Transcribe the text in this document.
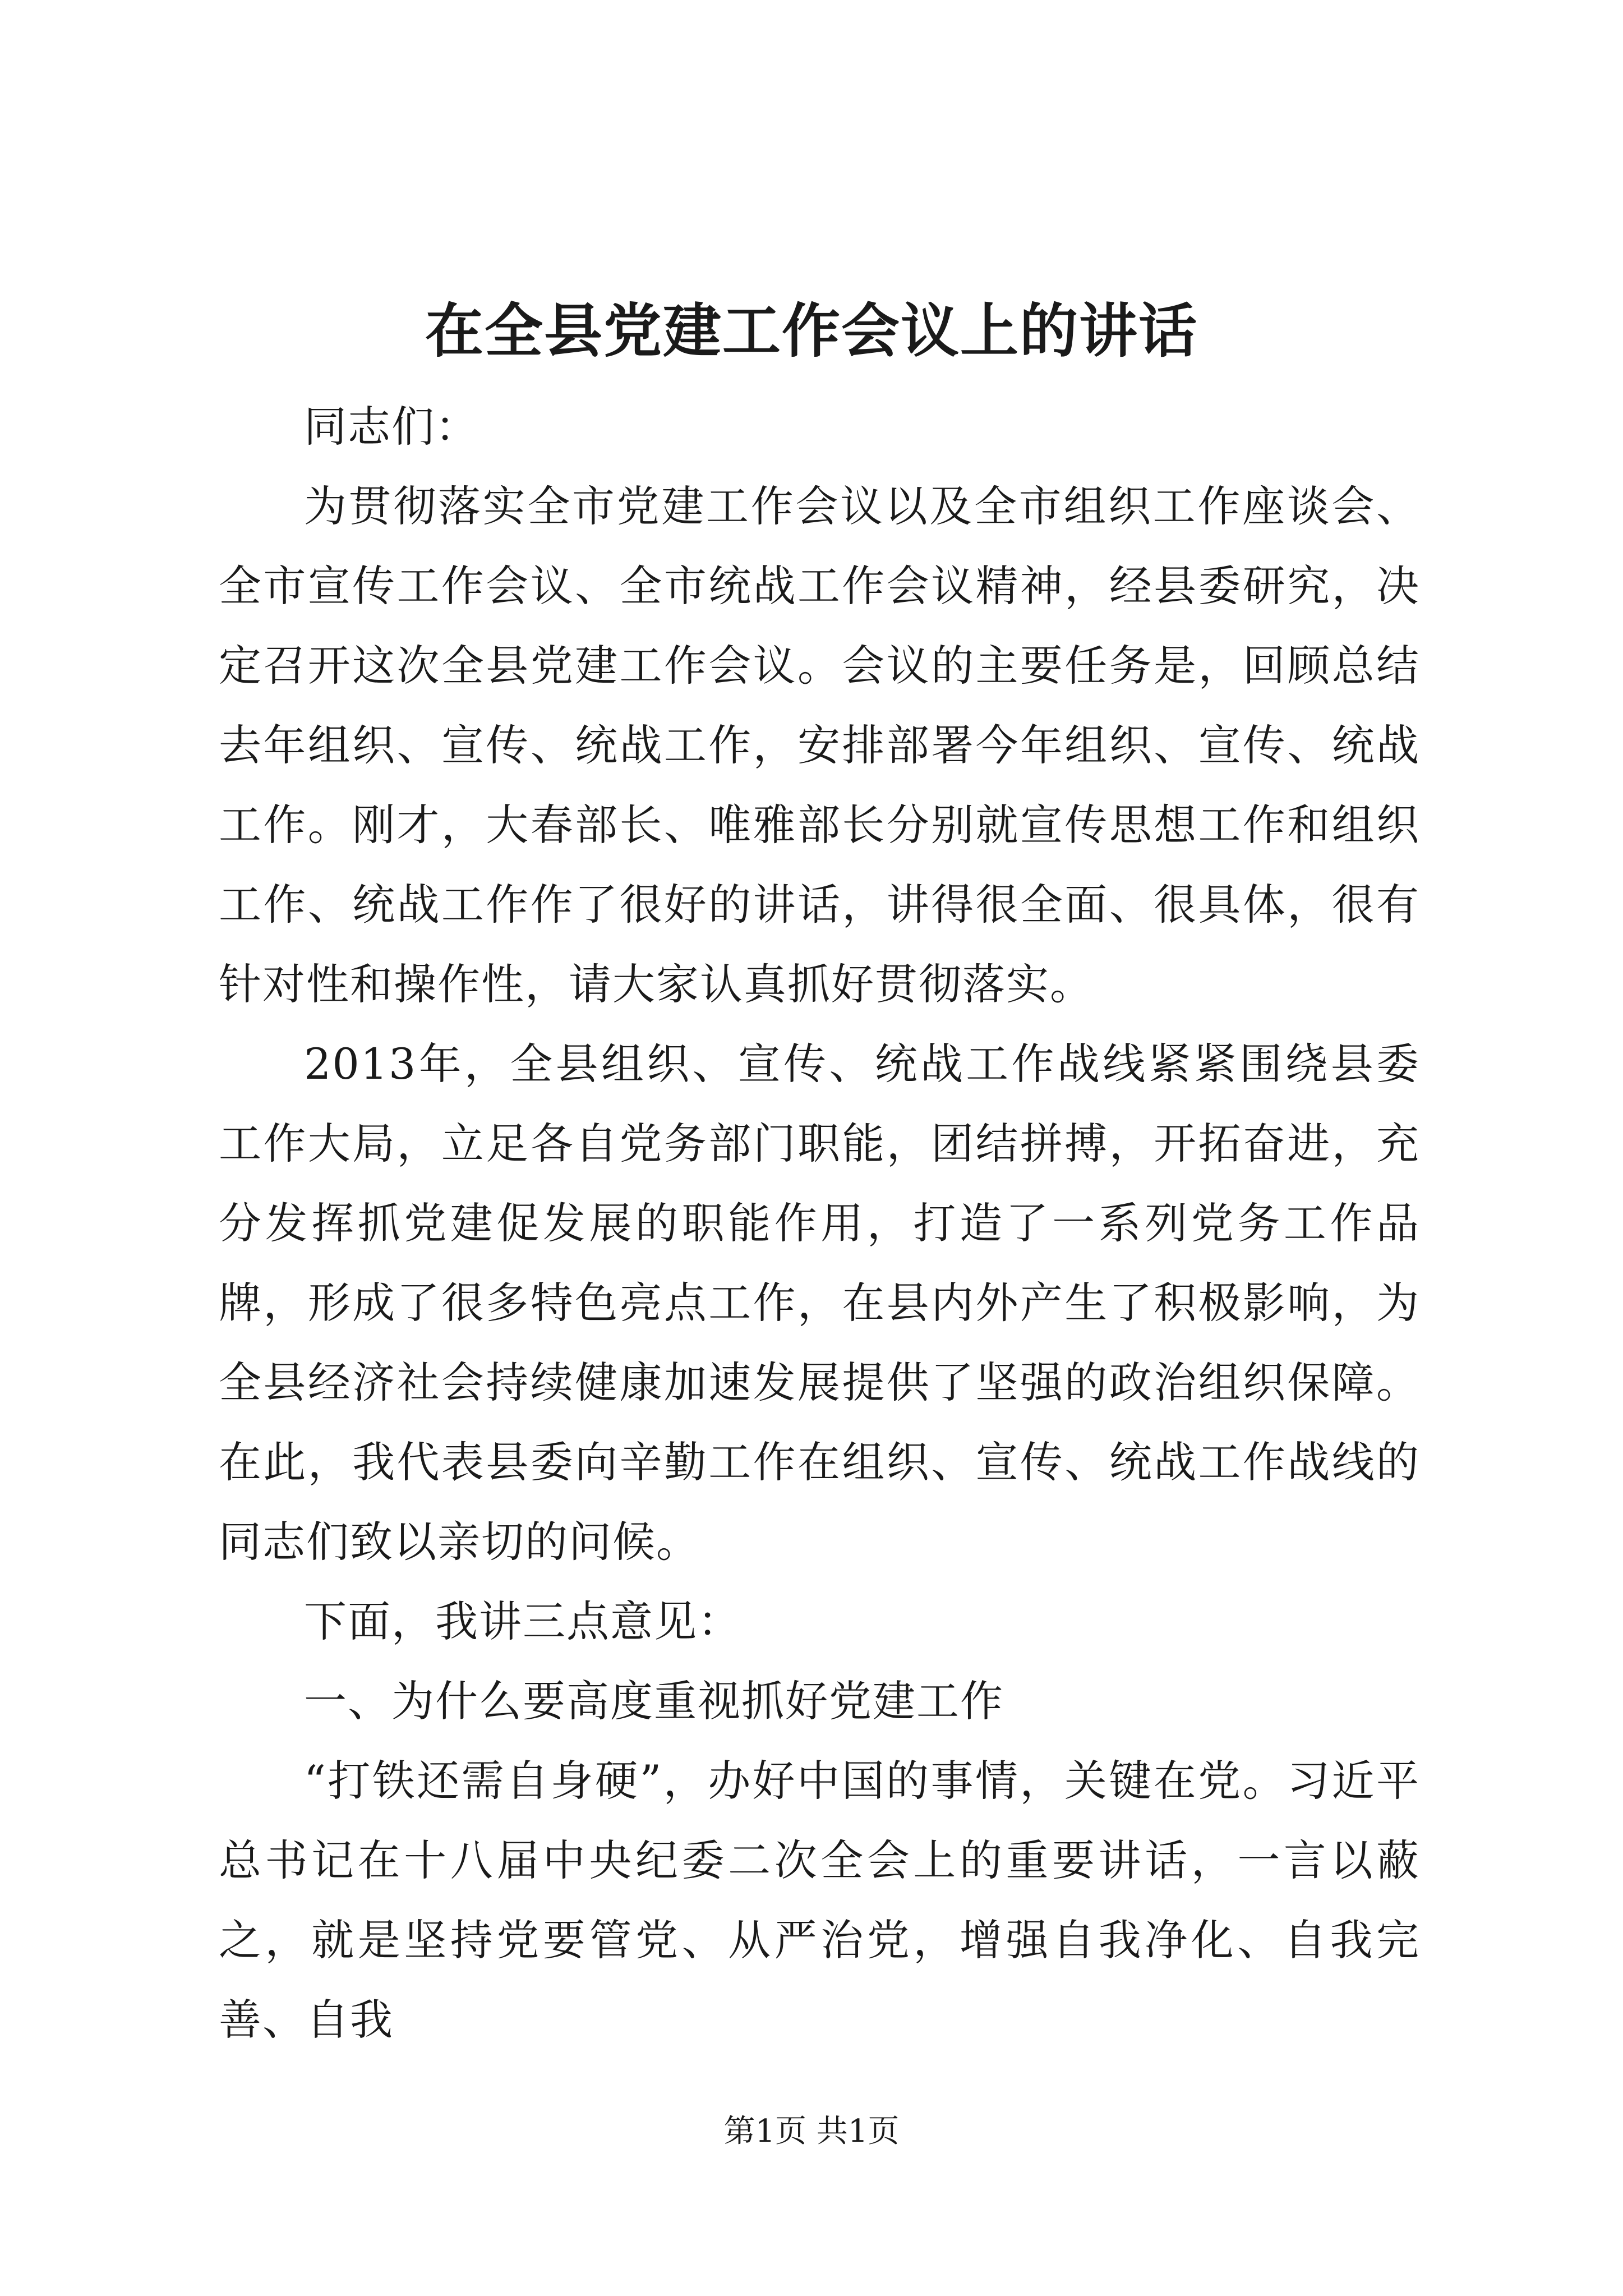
在全县党建工作会议上的讲话

同志们：

为贯彻落实全市党建工作会议以及全市组织工作座谈会、全市宣传工作会议、全市统战工作会议精神，经县委研究，决定召开这次全县党建工作会议。会议的主要任务是，回顾总结去年组织、宣传、统战工作，安排部署今年组织、宣传、统战工作。刚才，大春部长、唯雅部长分别就宣传思想工作和组织工作、统战工作作了很好的讲话，讲得很全面、很具体，很有针对性和操作性，请大家认真抓好贯彻落实。

2013年，全县组织、宣传、统战工作战线紧紧围绕县委工作大局，立足各自党务部门职能，团结拼搏，开拓奋进，充分发挥抓党建促发展的职能作用，打造了一系列党务工作品牌，形成了很多特色亮点工作，在县内外产生了积极影响，为全县经济社会持续健康加速发展提供了坚强的政治组织保障。在此，我代表县委向辛勤工作在组织、宣传、统战工作战线的同志们致以亲切的问候。

下面，我讲三点意见：

一、为什么要高度重视抓好党建工作

“打铁还需自身硬”，办好中国的事情，关键在党。习近平总书记在十八届中央纪委二次全会上的重要讲话，一言以蔽之，就是坚持党要管党、从严治党，增强自我净化、自我完善、自我

第1页 共1页
